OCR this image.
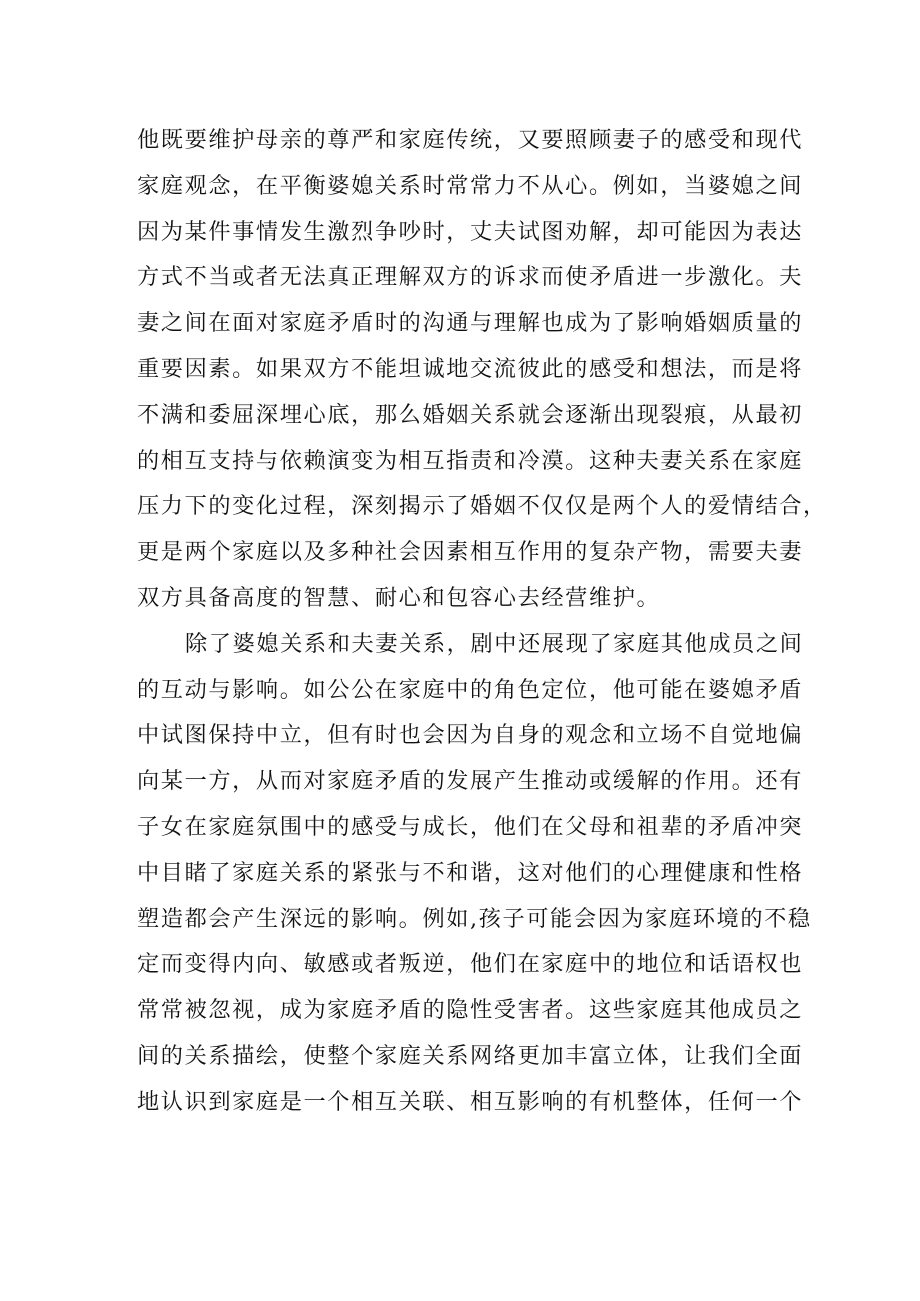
他既要维护母亲的尊严和家庭传统，又要照顾妻子的感受和现代
家庭观念，在平衡婆媳关系时常常力不从心。例如，当婆媳之间
因为某件事情发生激烈争吵时，丈夫试图劝解，却可能因为表达
方式不当或者无法真正理解双方的诉求而使矛盾进一步激化。夫
妻之间在面对家庭矛盾时的沟通与理解也成为了影响婚姻质量的
重要因素。如果双方不能坦诚地交流彼此的感受和想法，而是将
不满和委屈深埋心底，那么婚姻关系就会逐渐出现裂痕，从最初
的相互支持与依赖演变为相互指责和冷漠。这种夫妻关系在家庭
压力下的变化过程，深刻揭示了婚姻不仅仅是两个人的爱情结合，
更是两个家庭以及多种社会因素相互作用的复杂产物，需要夫妻
双方具备高度的智慧、耐心和包容心去经营维护。
除了婆媳关系和夫妻关系，剧中还展现了家庭其他成员之间
的互动与影响。如公公在家庭中的角色定位，他可能在婆媳矛盾
中试图保持中立，但有时也会因为自身的观念和立场不自觉地偏
向某一方，从而对家庭矛盾的发展产生推动或缓解的作用。还有
子女在家庭氛围中的感受与成长，他们在父母和祖辈的矛盾冲突
中目睹了家庭关系的紧张与不和谐，这对他们的心理健康和性格
塑造都会产生深远的影响。例如,孩子可能会因为家庭环境的不稳
定而变得内向、敏感或者叛逆，他们在家庭中的地位和话语权也
常常被忽视，成为家庭矛盾的隐性受害者。这些家庭其他成员之
间的关系描绘，使整个家庭关系网络更加丰富立体，让我们全面
地认识到家庭是一个相互关联、相互影响的有机整体，任何一个
